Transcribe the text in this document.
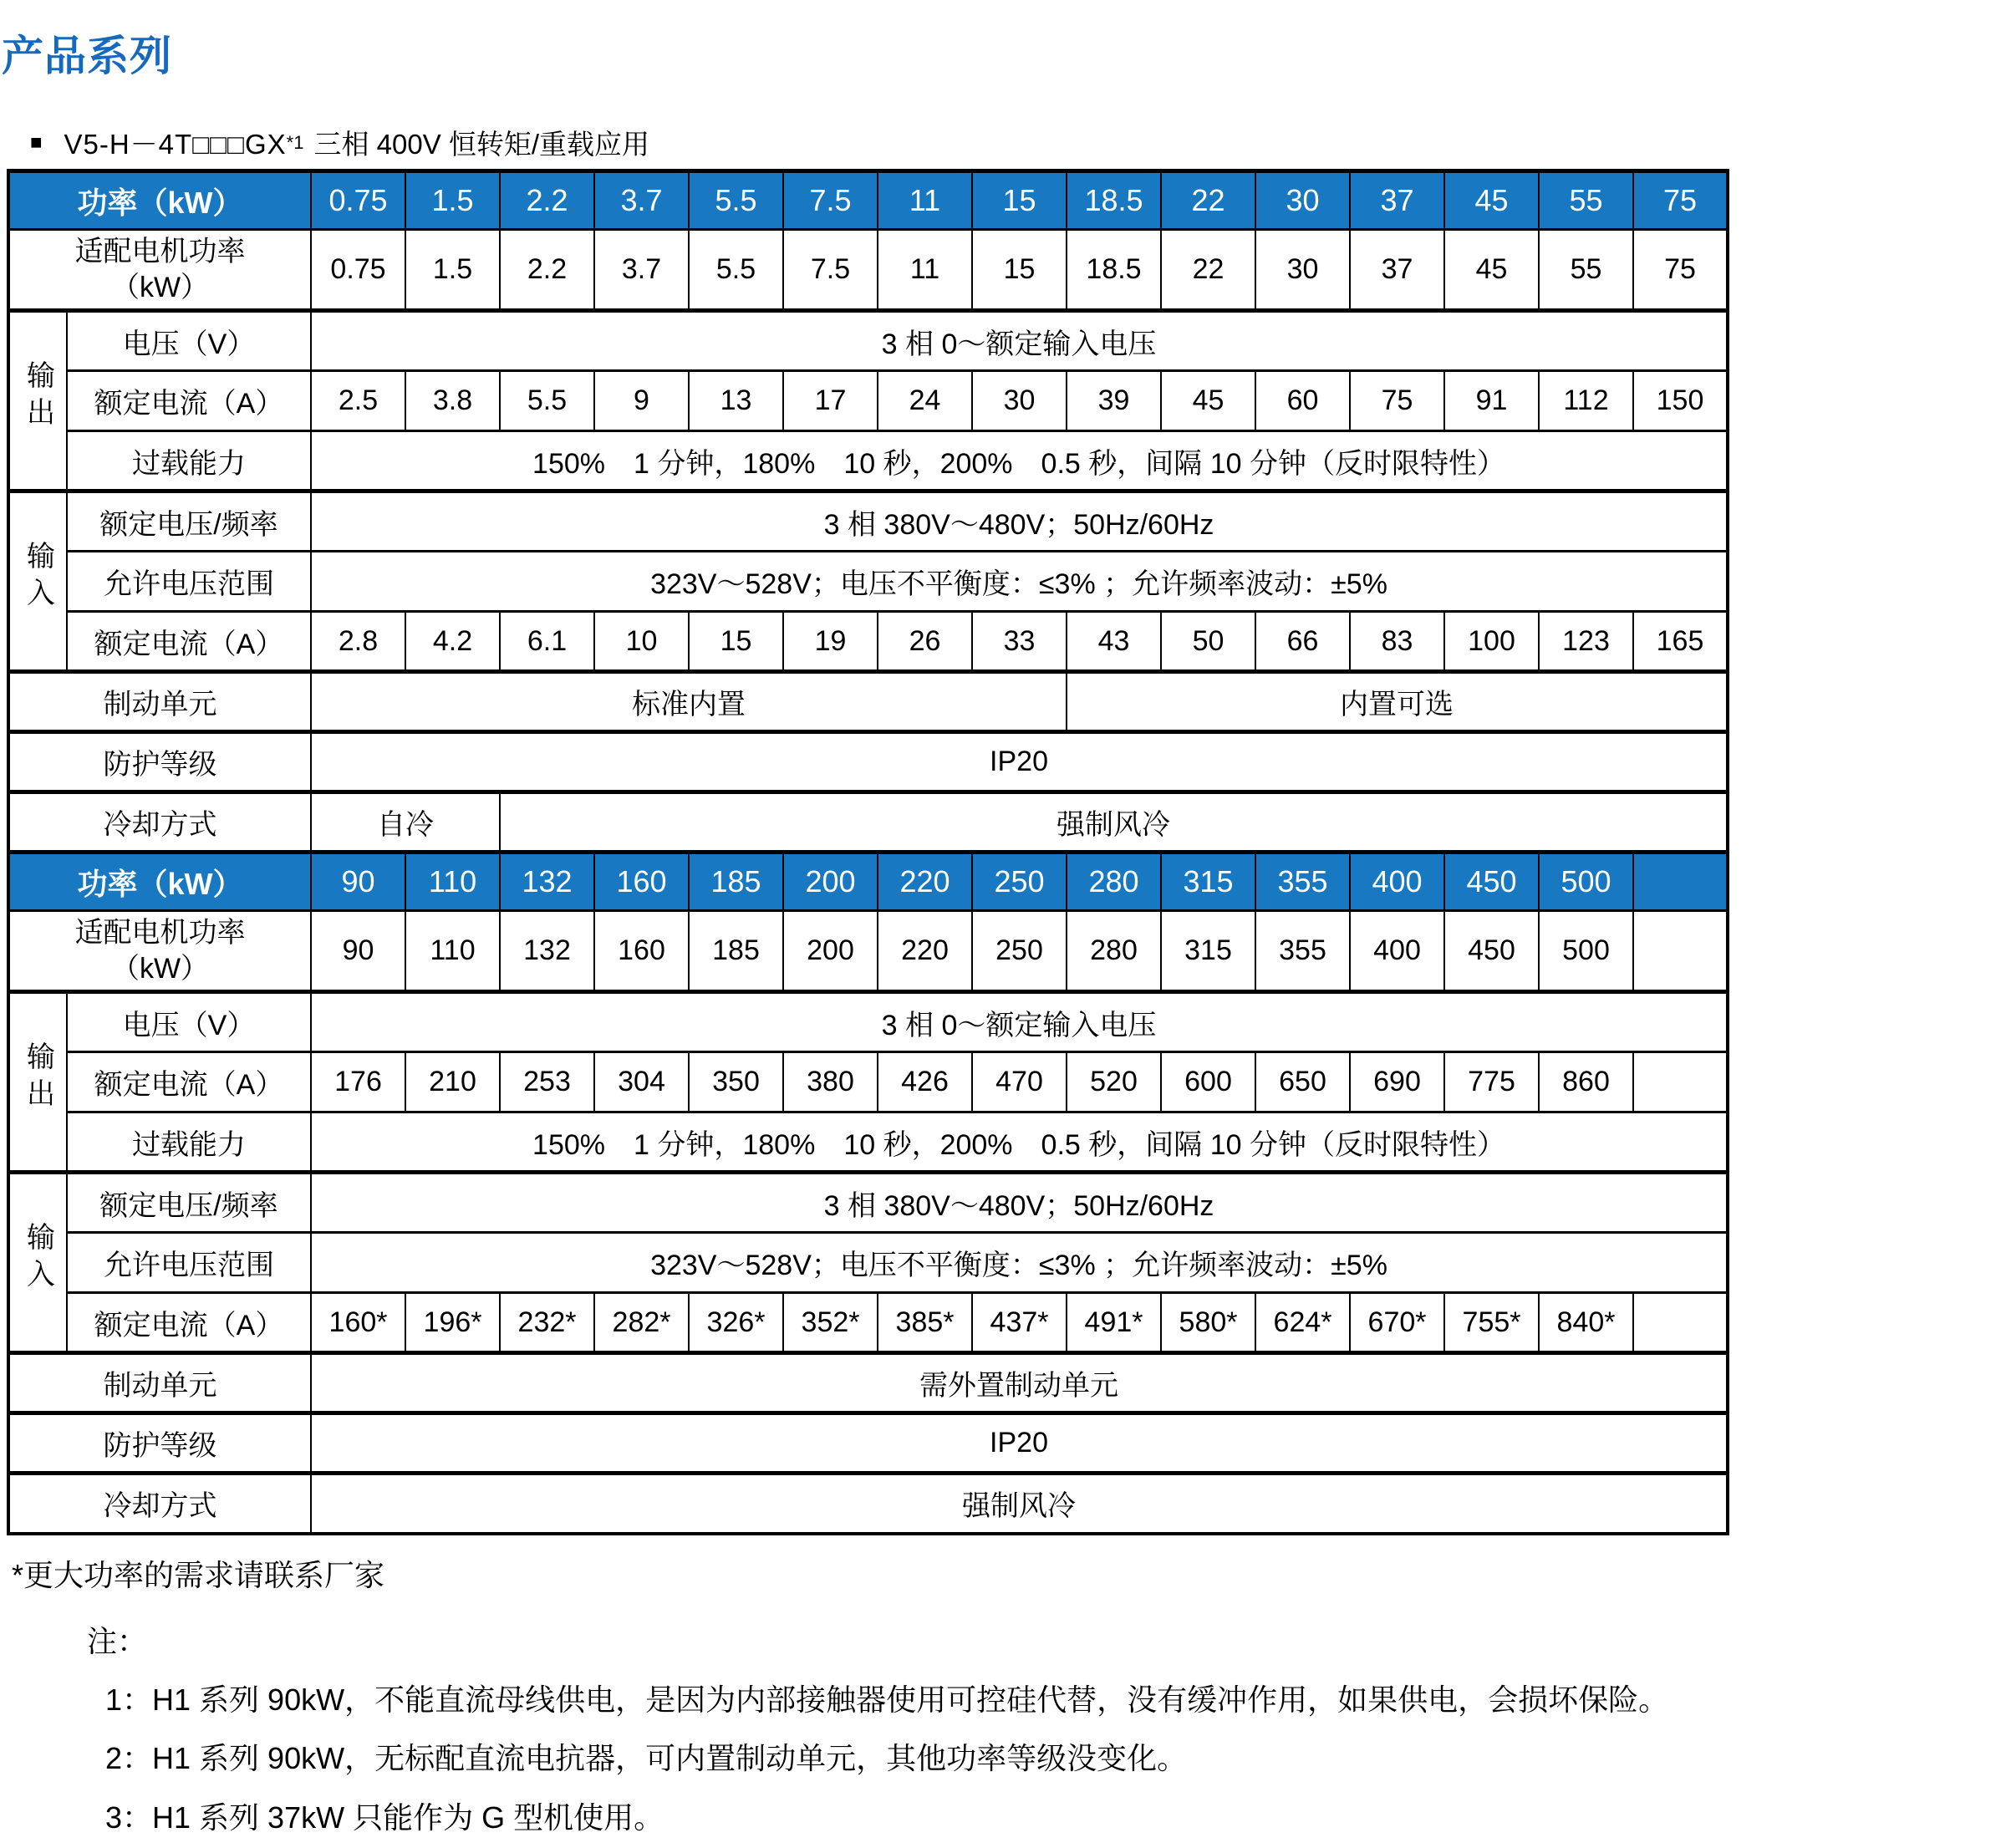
产品系列
■ V5-H－4T□□□GX *1 三相 400V 恒转矩/重载应用
功率（kW）		0.75	1.5	2.2	3.7	5.5	7.5	11	15	18.5	22	30	37	45	55	75

适配电机功率
（kW）		0.75	1.5	2.2	3.7	5.5	7.5	11	15	18.5	22	30	37	45	55	75
输出	电压（V）	3 相 0～额定输入电压														
	额定电流（A）	2.5	3.8	5.5	9	13	17	24	30	39	45	60	75	91	112	150
	过载能力	150%　1 分钟，180%　10 秒，200%　0.5 秒，间隔 10 分钟（反时限特性）														
输入	额定电压/频率	3 相 380V～480V；50Hz/60Hz														
	允许电压范围	323V～528V；电压不平衡度：≤3% ；允许频率波动：±5%														
	额定电流（A）	2.8	4.2	6.1	10	15	19	26	33	43	50	66	83	100	123	165
制动单元		标准内置								内置可选						
防护等级		IP20														
冷却方式		自冷		强制风冷												
功率（kW）		90	110	132	160	185	200	220	250	280	315	355	400	450	500	

适配电机功率
（kW）		90	110	132	160	185	200	220	250	280	315	355	400	450	500	
输出	电压（V）	3 相 0～额定输入电压														
	额定电流（A）	176	210	253	304	350	380	426	470	520	600	650	690	775	860	
	过载能力	150%　1 分钟，180%　10 秒，200%　0.5 秒，间隔 10 分钟（反时限特性）														
输入	额定电压/频率	3 相 380V～480V；50Hz/60Hz														
	允许电压范围	323V～528V；电压不平衡度：≤3% ；允许频率波动：±5%														
	额定电流（A）	160*	196*	232*	282*	326*	352*	385*	437*	491*	580*	624*	670*	755*	840*	
制动单元		需外置制动单元														
防护等级		IP20														
冷却方式		强制风冷														
*更大功率的需求请联系厂家
注：
1：H1 系列 90kW，不能直流母线供电，是因为内部接触器使用可控硅代替，没有缓冲作用，如果供电，会损坏保险。
2：H1 系列 90kW，无标配直流电抗器，可内置制动单元，其他功率等级没变化。
3：H1 系列 37kW 只能作为 G 型机使用。
